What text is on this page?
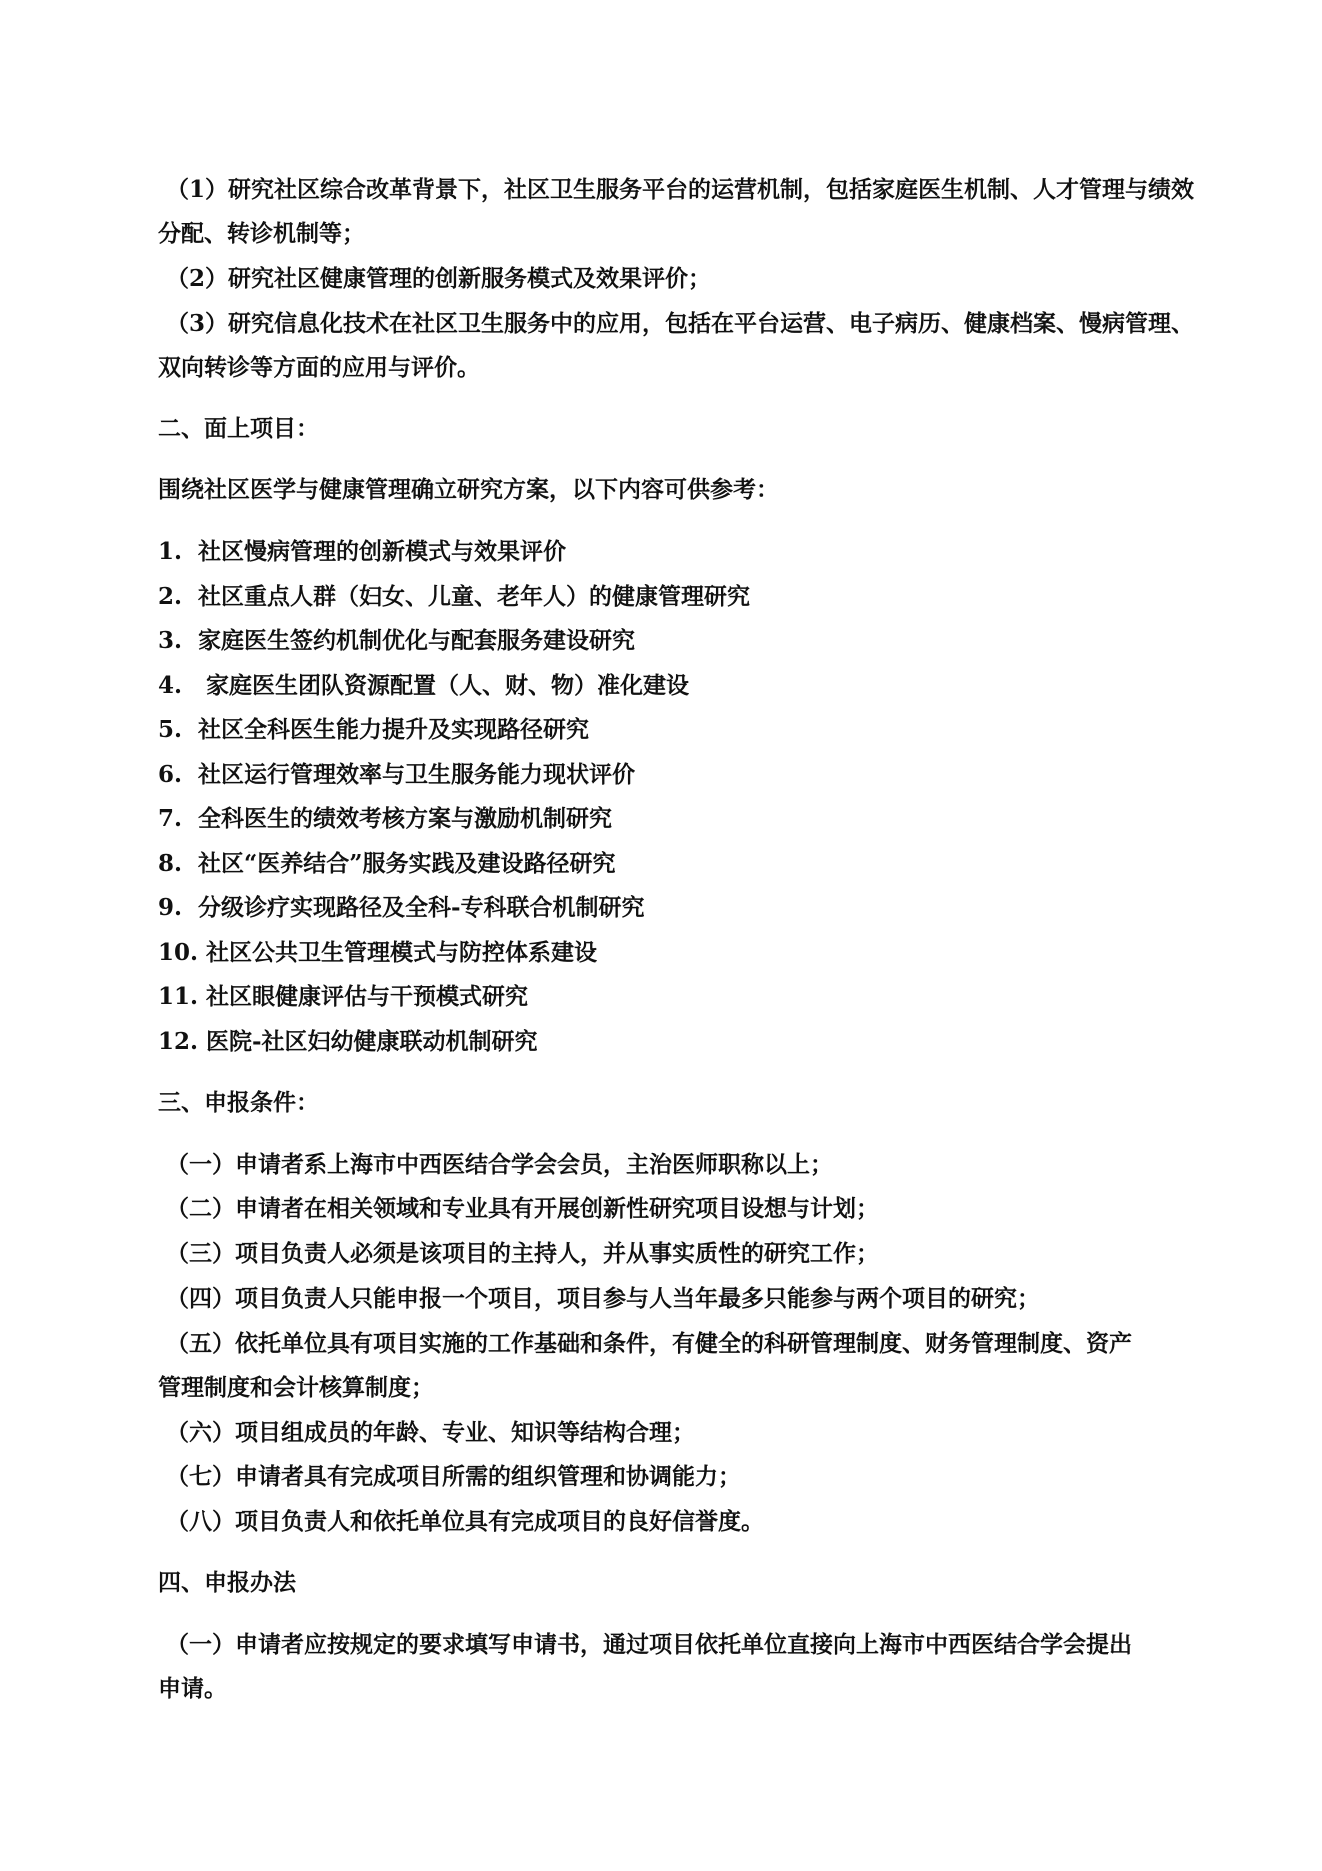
（1）研究社区综合改革背景下，社区卫生服务平台的运营机制，包括家庭医生机制、人才管理与绩效
分配、转诊机制等；
（2）研究社区健康管理的创新服务模式及效果评价；
（3）研究信息化技术在社区卫生服务中的应用，包括在平台运营、电子病历、健康档案、慢病管理、
双向转诊等方面的应用与评价。
二、面上项目：
围绕社区医学与健康管理确立研究方案，以下内容可供参考：
1. 社区慢病管理的创新模式与效果评价
2. 社区重点人群（妇女、儿童、老年人）的健康管理研究
3. 家庭医生签约机制优化与配套服务建设研究
4. 家庭医生团队资源配置（人、财、物）准化建设
5. 社区全科医生能力提升及实现路径研究
6. 社区运行管理效率与卫生服务能力现状评价
7. 全科医生的绩效考核方案与激励机制研究
8. 社区“医养结合”服务实践及建设路径研究
9. 分级诊疗实现路径及全科-专科联合机制研究
10. 社区公共卫生管理模式与防控体系建设
11. 社区眼健康评估与干预模式研究
12. 医院-社区妇幼健康联动机制研究
三、申报条件：
（一）申请者系上海市中西医结合学会会员，主治医师职称以上；
（二）申请者在相关领域和专业具有开展创新性研究项目设想与计划；
（三）项目负责人必须是该项目的主持人，并从事实质性的研究工作；
（四）项目负责人只能申报一个项目，项目参与人当年最多只能参与两个项目的研究；
（五）依托单位具有项目实施的工作基础和条件，有健全的科研管理制度、财务管理制度、资产
管理制度和会计核算制度；
（六）项目组成员的年龄、专业、知识等结构合理；
（七）申请者具有完成项目所需的组织管理和协调能力；
（八）项目负责人和依托单位具有完成项目的良好信誉度。
四、申报办法
（一）申请者应按规定的要求填写申请书，通过项目依托单位直接向上海市中西医结合学会提出
申请。
